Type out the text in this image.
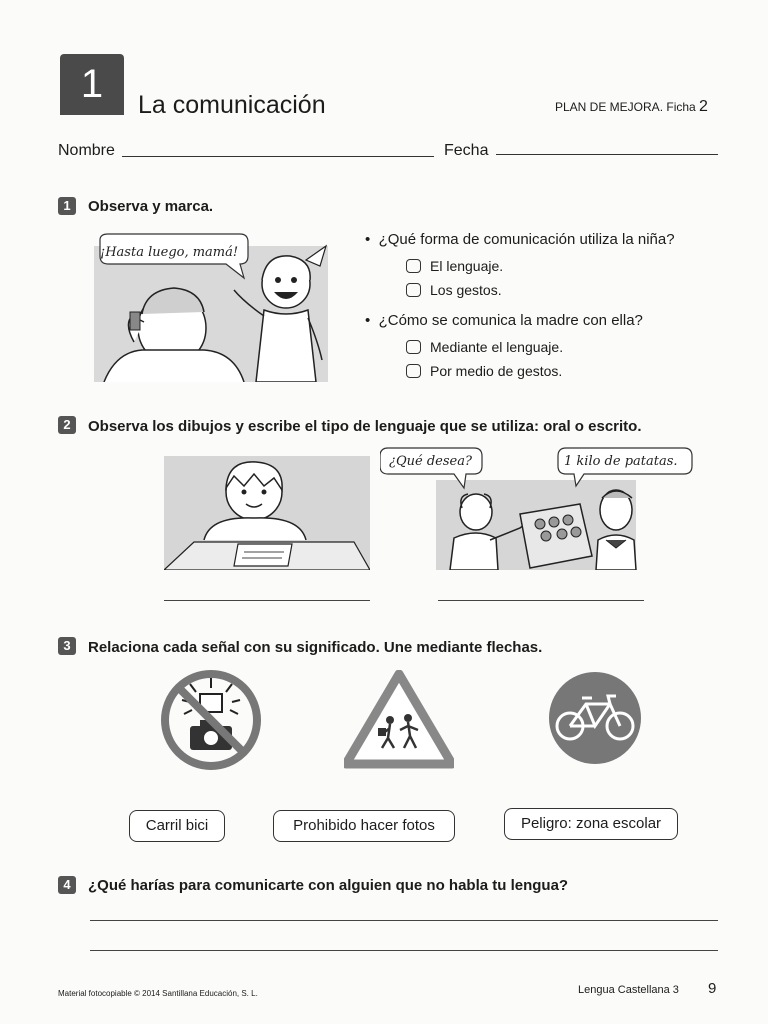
1	La comunicación	PLAN DE MEJORA. Ficha 2
Nombre	Fecha
1	Observa y marca.
¡Hasta luego, mamá!
•  ¿Qué forma de comunicación utiliza la niña?
El lenguaje.
Los gestos.
•  ¿Cómo se comunica la madre con ella?
Mediante el lenguaje.
Por medio de gestos.
2	Observa los dibujos y escribe el tipo de lenguaje que se utiliza: oral o escrito.
¿Qué desea?	1 kilo de patatas.
3	Relaciona cada señal con su significado. Une mediante flechas.
Carril bici	Prohibido hacer fotos	Peligro: zona escolar
4	¿Qué harías para comunicarte con alguien que no habla tu lengua?
Material fotocopiable © 2014 Santillana Educación, S. L.	Lengua Castellana 3 9
